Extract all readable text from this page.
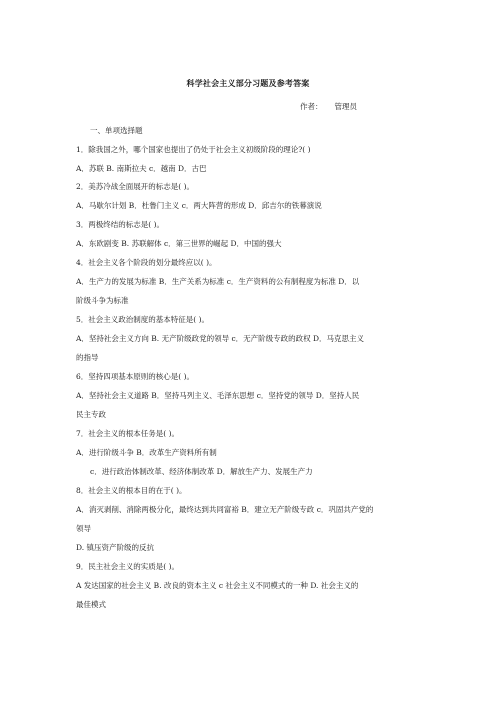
科学社会主义部分习题及参考答案
作者： 管理员
一、单项选择题
1．除我国之外，哪个国家也提出了仍处于社会主义初级阶段的理论?( )
A．苏联 B. 南斯拉夫 c．越南 D．古巴
2．美苏冷战全面展开的标志是( )。
A．马歇尔计划 B．杜鲁门主义 c．两大阵营的形成 D．邱吉尔的铁幕演说
3．两极终结的标志是( )。
A．东欧剧变 B. 苏联解体 c．第三世界的崛起 D．中国的强大
4．社会主义各个阶段的划分最终应以( )。
A．生产力的发展为标准 B．生产关系为标准 c．生产资料的公有制程度为标准 D．以
阶级斗争为标准
5．社会主义政治制度的基本特征是( )。
A．坚持社会主义方向 B. 无产阶级政党的领导 c．无产阶级专政的政权 D．马克思主义
的指导
6．坚持四项基本原则的核心是( )。
A．坚持社会主义道路 B．坚持马列主义、毛泽东思想 c．坚持党的领导 D．坚持人民
民主专政
7．社会主义的根本任务是( )。
A．进行阶级斗争 B．改革生产资料所有制
c．进行政治体制改革、经济体制改革 D．解放生产力、发展生产力
8．社会主义的根本目的在于( )。
A．消灭剥削、消除两极分化，最终达到共同富裕 B．建立无产阶级专政 c．巩固共产党的
领导
D. 镇压资产阶级的反抗
9．民主社会主义的实质是( )。
A 发达国家的社会主义 B. 改良的资本主义 c 社会主义不同模式的一种 D. 社会主义的
最佳模式
